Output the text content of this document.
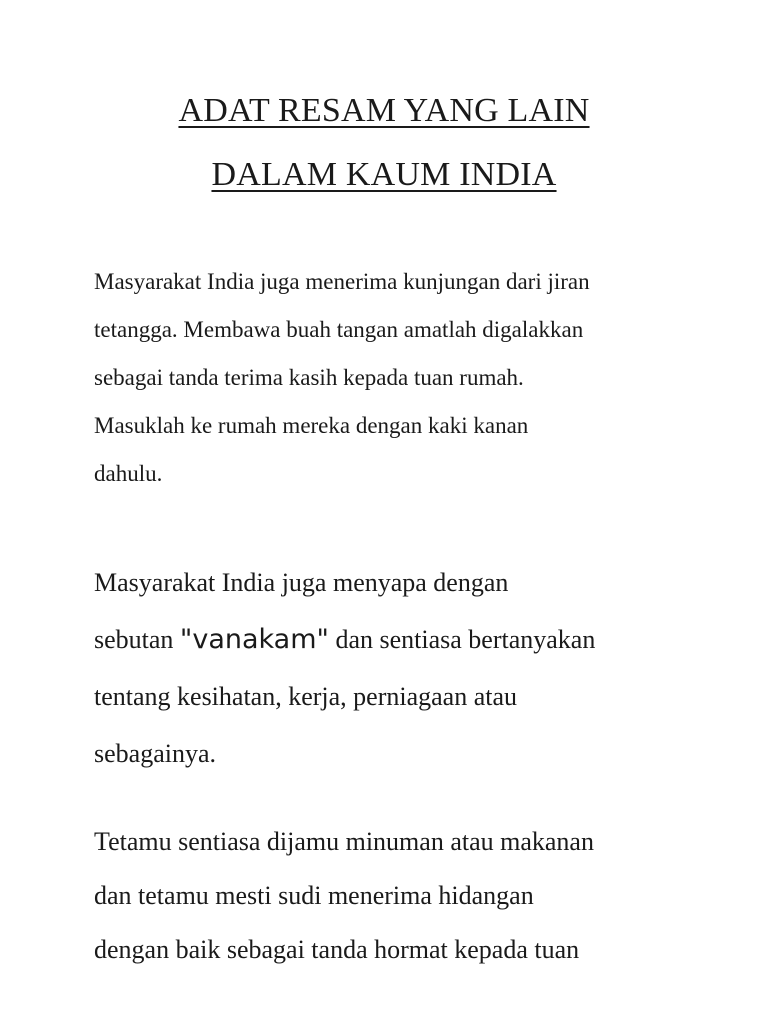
ADAT RESAM YANG LAIN
DALAM KAUM INDIA

Masyarakat India juga menerima kunjungan dari jiran
tetangga. Membawa buah tangan amatlah digalakkan
sebagai tanda terima kasih kepada tuan rumah.
Masuklah ke rumah mereka dengan kaki kanan
dahulu.

Masyarakat India juga menyapa dengan
sebutan "vanakam" dan sentiasa bertanyakan
tentang kesihatan, kerja, perniagaan atau
sebagainya.

Tetamu sentiasa dijamu minuman atau makanan
dan tetamu mesti sudi menerima hidangan
dengan baik sebagai tanda hormat kepada tuan
